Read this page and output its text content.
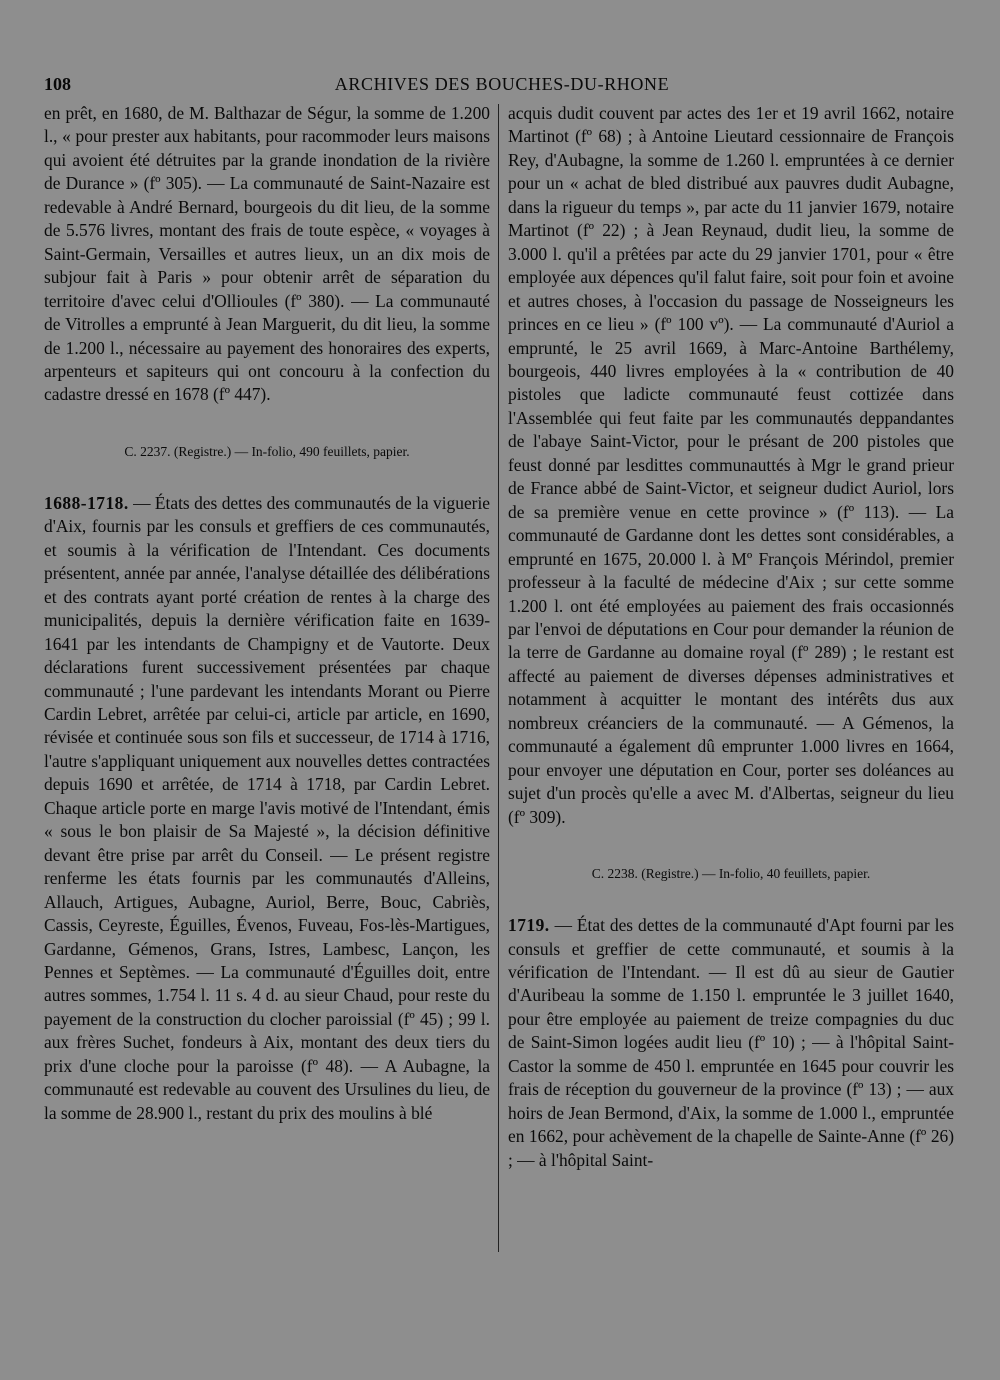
108	ARCHIVES DES BOUCHES-DU-RHONE

en prêt, en 1680, de M. Balthazar de Ségur, la somme de 1.200 l., « pour prester aux habitants, pour racommoder leurs maisons qui avoient été détruites par la grande inondation de la rivière de Durance » (fº 305). — La communauté de Saint-Nazaire est redevable à André Bernard, bourgeois du dit lieu, de la somme de 5.576 livres, montant des frais de toute espèce, « voyages à Saint-Germain, Versailles et autres lieux, un an dix mois de subjour fait à Paris » pour obtenir arrêt de séparation du territoire d'avec celui d'Ollioules (fº 380). — La communauté de Vitrolles a emprunté à Jean Marguerit, du dit lieu, la somme de 1.200 l., nécessaire au payement des honoraires des experts, arpenteurs et sapiteurs qui ont concouru à la confection du cadastre dressé en 1678 (fº 447).

C. 2237. (Registre.) — In-folio, 490 feuillets, papier.

1688-1718. — États des dettes des communautés de la viguerie d'Aix, fournis par les consuls et greffiers de ces communautés, et soumis à la vérification de l'Intendant. Ces documents présentent, année par année, l'analyse détaillée des délibérations et des contrats ayant porté création de rentes à la charge des municipalités, depuis la dernière vérification faite en 1639-1641 par les intendants de Champigny et de Vautorte. Deux déclarations furent successivement présentées par chaque communauté ; l'une pardevant les intendants Morant ou Pierre Cardin Lebret, arrêtée par celui-ci, article par article, en 1690, révisée et continuée sous son fils et successeur, de 1714 à 1716, l'autre s'appliquant uniquement aux nouvelles dettes contractées depuis 1690 et arrêtée, de 1714 à 1718, par Cardin Lebret. Chaque article porte en marge l'avis motivé de l'Intendant, émis « sous le bon plaisir de Sa Majesté », la décision définitive devant être prise par arrêt du Conseil. — Le présent registre renferme les états fournis par les communautés d'Alleins, Allauch, Artigues, Aubagne, Auriol, Berre, Bouc, Cabriès, Cassis, Ceyreste, Éguilles, Évenos, Fuveau, Fos-lès-Martigues, Gardanne, Gémenos, Grans, Istres, Lambesc, Lançon, les Pennes et Septèmes. — La communauté d'Éguilles doit, entre autres sommes, 1.754 l. 11 s. 4 d. au sieur Chaud, pour reste du payement de la construction du clocher paroissial (fº 45) ; 99 l. aux frères Suchet, fondeurs à Aix, montant des deux tiers du prix d'une cloche pour la paroisse (fº 48). — A Aubagne, la communauté est redevable au couvent des Ursulines du lieu, de la somme de 28.900 l., restant du prix des moulins à blé

acquis dudit couvent par actes des 1er et 19 avril 1662, notaire Martinot (fº 68) ; à Antoine Lieutard cessionnaire de François Rey, d'Aubagne, la somme de 1.260 l. empruntées à ce dernier pour un « achat de bled distribué aux pauvres dudit Aubagne, dans la rigueur du temps », par acte du 11 janvier 1679, notaire Martinot (fº 22) ; à Jean Reynaud, dudit lieu, la somme de 3.000 l. qu'il a prêtées par acte du 29 janvier 1701, pour « être employée aux dépences qu'il falut faire, soit pour foin et avoine et autres choses, à l'occasion du passage de Nosseigneurs les princes en ce lieu » (fº 100 vº). — La communauté d'Auriol a emprunté, le 25 avril 1669, à Marc-Antoine Barthélemy, bourgeois, 440 livres employées à la « contribution de 40 pistoles que ladicte communauté feust cottizée dans l'Assemblée qui feut faite par les communautés deppandantes de l'abaye Saint-Victor, pour le présant de 200 pistoles que feust donné par lesdittes communauttés à Mgr le grand prieur de France abbé de Saint-Victor, et seigneur dudict Auriol, lors de sa première venue en cette province » (fº 113). — La communauté de Gardanne dont les dettes sont considérables, a emprunté en 1675, 20.000 l. à Mº François Mérindol, premier professeur à la faculté de médecine d'Aix ; sur cette somme 1.200 l. ont été employées au paiement des frais occasionnés par l'envoi de députations en Cour pour demander la réunion de la terre de Gardanne au domaine royal (fº 289) ; le restant est affecté au paiement de diverses dépenses administratives et notamment à acquitter le montant des intérêts dus aux nombreux créanciers de la communauté. — A Gémenos, la communauté a également dû emprunter 1.000 livres en 1664, pour envoyer une députation en Cour, porter ses doléances au sujet d'un procès qu'elle a avec M. d'Albertas, seigneur du lieu (fº 309).

C. 2238. (Registre.) — In-folio, 40 feuillets, papier.

1719. — État des dettes de la communauté d'Apt fourni par les consuls et greffier de cette communauté, et soumis à la vérification de l'Intendant. — Il est dû au sieur de Gautier d'Auribeau la somme de 1.150 l. empruntée le 3 juillet 1640, pour être employée au paiement de treize compagnies du duc de Saint-Simon logées audit lieu (fº 10) ; — à l'hôpital Saint-Castor la somme de 450 l. empruntée en 1645 pour couvrir les frais de réception du gouverneur de la province (fº 13) ; — aux hoirs de Jean Bermond, d'Aix, la somme de 1.000 l., empruntée en 1662, pour achèvement de la chapelle de Sainte-Anne (fº 26) ; — à l'hôpital Saint-
